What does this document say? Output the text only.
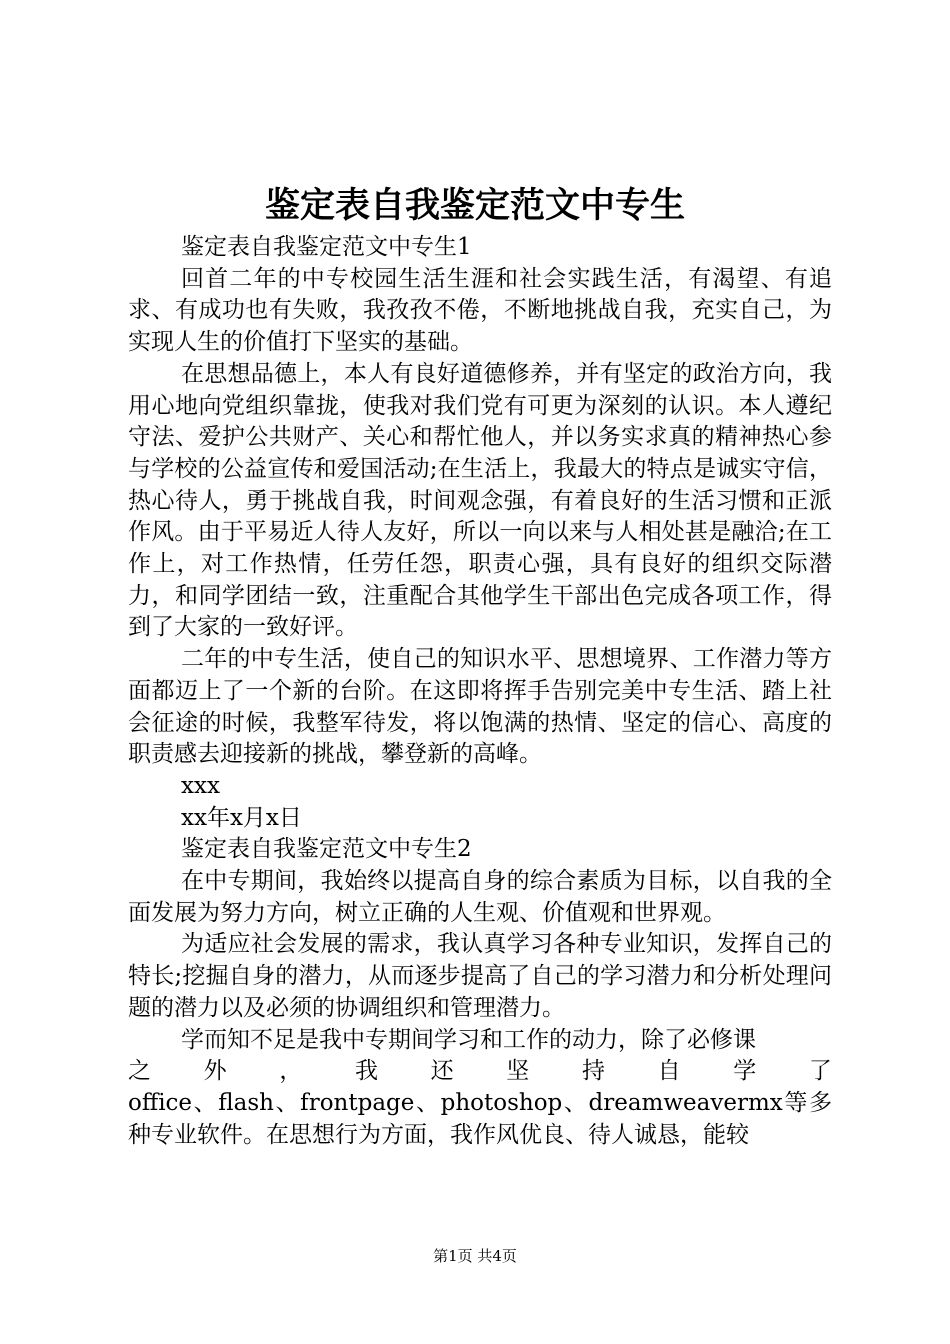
鉴定表自我鉴定范文中专生
鉴定表自我鉴定范文中专生1

回首二年的中专校园生活生涯和社会实践生活，有渴望、有追求、有成功也有失败，我孜孜不倦，不断地挑战自我，充实自己，为实现人生的价值打下坚实的基础。

在思想品德上，本人有良好道德修养，并有坚定的政治方向，我用心地向党组织靠拢，使我对我们党有可更为深刻的认识。本人遵纪守法、爱护公共财产、关心和帮忙他人，并以务实求真的精神热心参与学校的公益宣传和爱国活动;在生活上，我最大的特点是诚实守信，热心待人，勇于挑战自我，时间观念强，有着良好的生活习惯和正派作风。由于平易近人待人友好，所以一向以来与人相处甚是融洽;在工作上，对工作热情，任劳任怨，职责心强，具有良好的组织交际潜力，和同学团结一致，注重配合其他学生干部出色完成各项工作，得到了大家的一致好评。

二年的中专生活，使自己的知识水平、思想境界、工作潜力等方面都迈上了一个新的台阶。在这即将挥手告别完美中专生活、踏上社会征途的时候，我整军待发，将以饱满的热情、坚定的信心、高度的职责感去迎接新的挑战，攀登新的高峰。

xxx
xx年x月x日
鉴定表自我鉴定范文中专生2

在中专期间，我始终以提高自身的综合素质为目标，以自我的全面发展为努力方向，树立正确的人生观、价值观和世界观。

为适应社会发展的需求，我认真学习各种专业知识，发挥自己的特长;挖掘自身的潜力，从而逐步提高了自己的学习潜力和分析处理问题的潜力以及必须的协调组织和管理潜力。

学而知不足是我中专期间学习和工作的动力，除了必修课
之 外 ， 我 还 坚 持 自 学 了

office、flash、frontpage、photoshop、dreamweavermx等多种专业软件。在思想行为方面，我作风优良、待人诚恳，能较

第1页 共4页
